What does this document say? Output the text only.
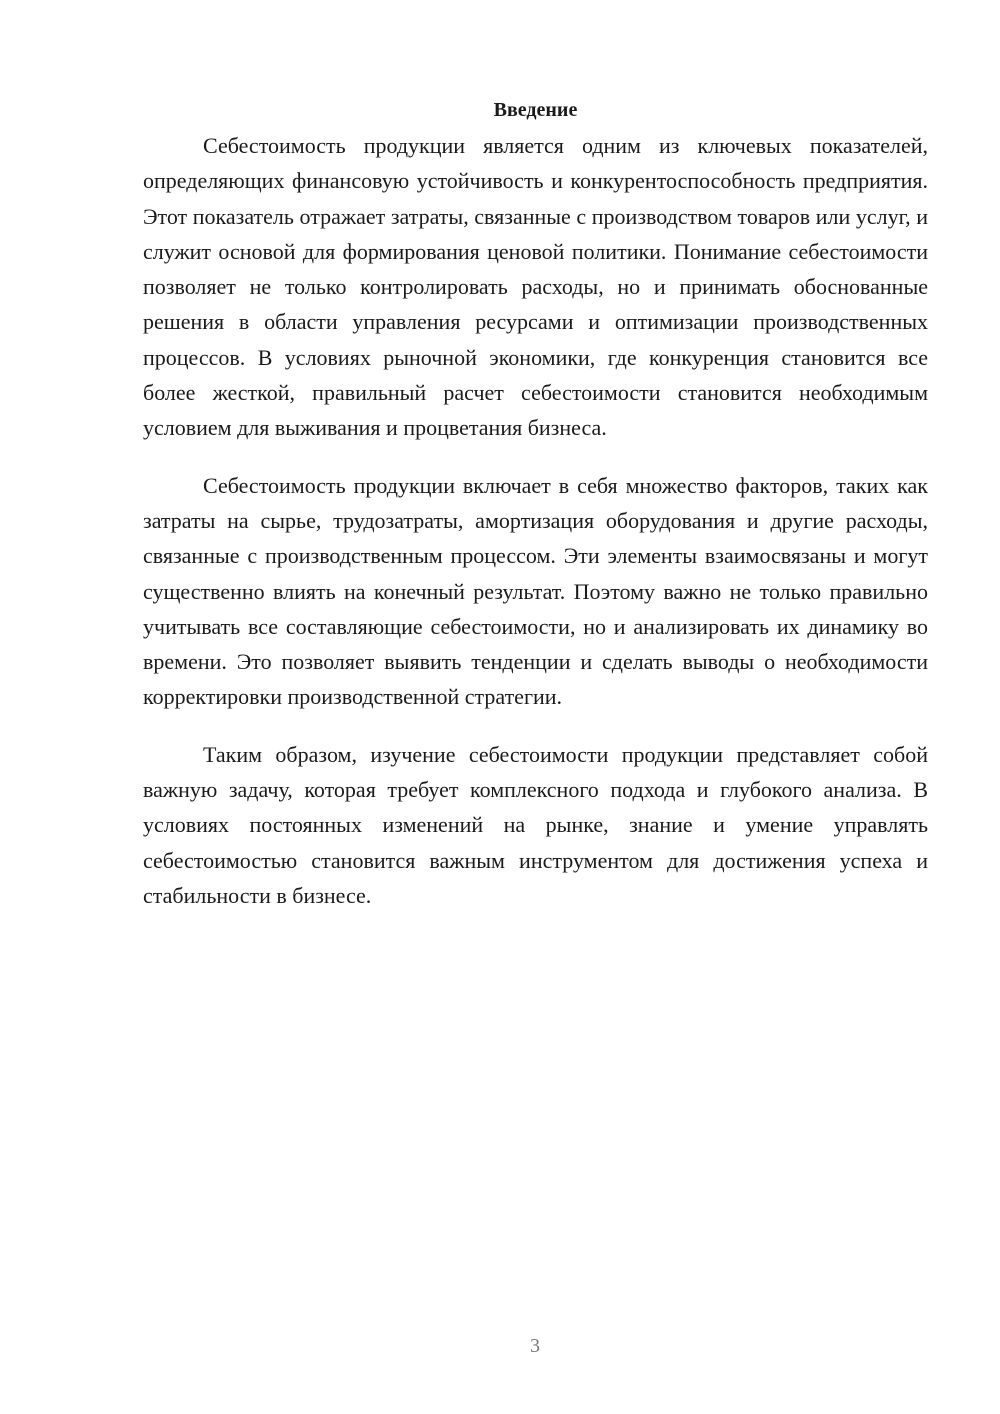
Введение

Себестоимость продукции является одним из ключевых показателей, определяющих финансовую устойчивость и конкурентоспособность предприятия. Этот показатель отражает затраты, связанные с производством товаров или услуг, и служит основой для формирования ценовой политики. Понимание себестоимости позволяет не только контролировать расходы, но и принимать обоснованные решения в области управления ресурсами и оптимизации производственных процессов. В условиях рыночной экономики, где конкуренция становится все более жесткой, правильный расчет себестоимости становится необходимым условием для выживания и процветания бизнеса.

Себестоимость продукции включает в себя множество факторов, таких как затраты на сырье, трудозатраты, амортизация оборудования и другие расходы, связанные с производственным процессом. Эти элементы взаимосвязаны и могут существенно влиять на конечный результат. Поэтому важно не только правильно учитывать все составляющие себестоимости, но и анализировать их динамику во времени. Это позволяет выявить тенденции и сделать выводы о необходимости корректировки производственной стратегии.

Таким образом, изучение себестоимости продукции представляет собой важную задачу, которая требует комплексного подхода и глубокого анализа. В условиях постоянных изменений на рынке, знание и умение управлять себестоимостью становится важным инструментом для достижения успеха и стабильности в бизнесе.

3
